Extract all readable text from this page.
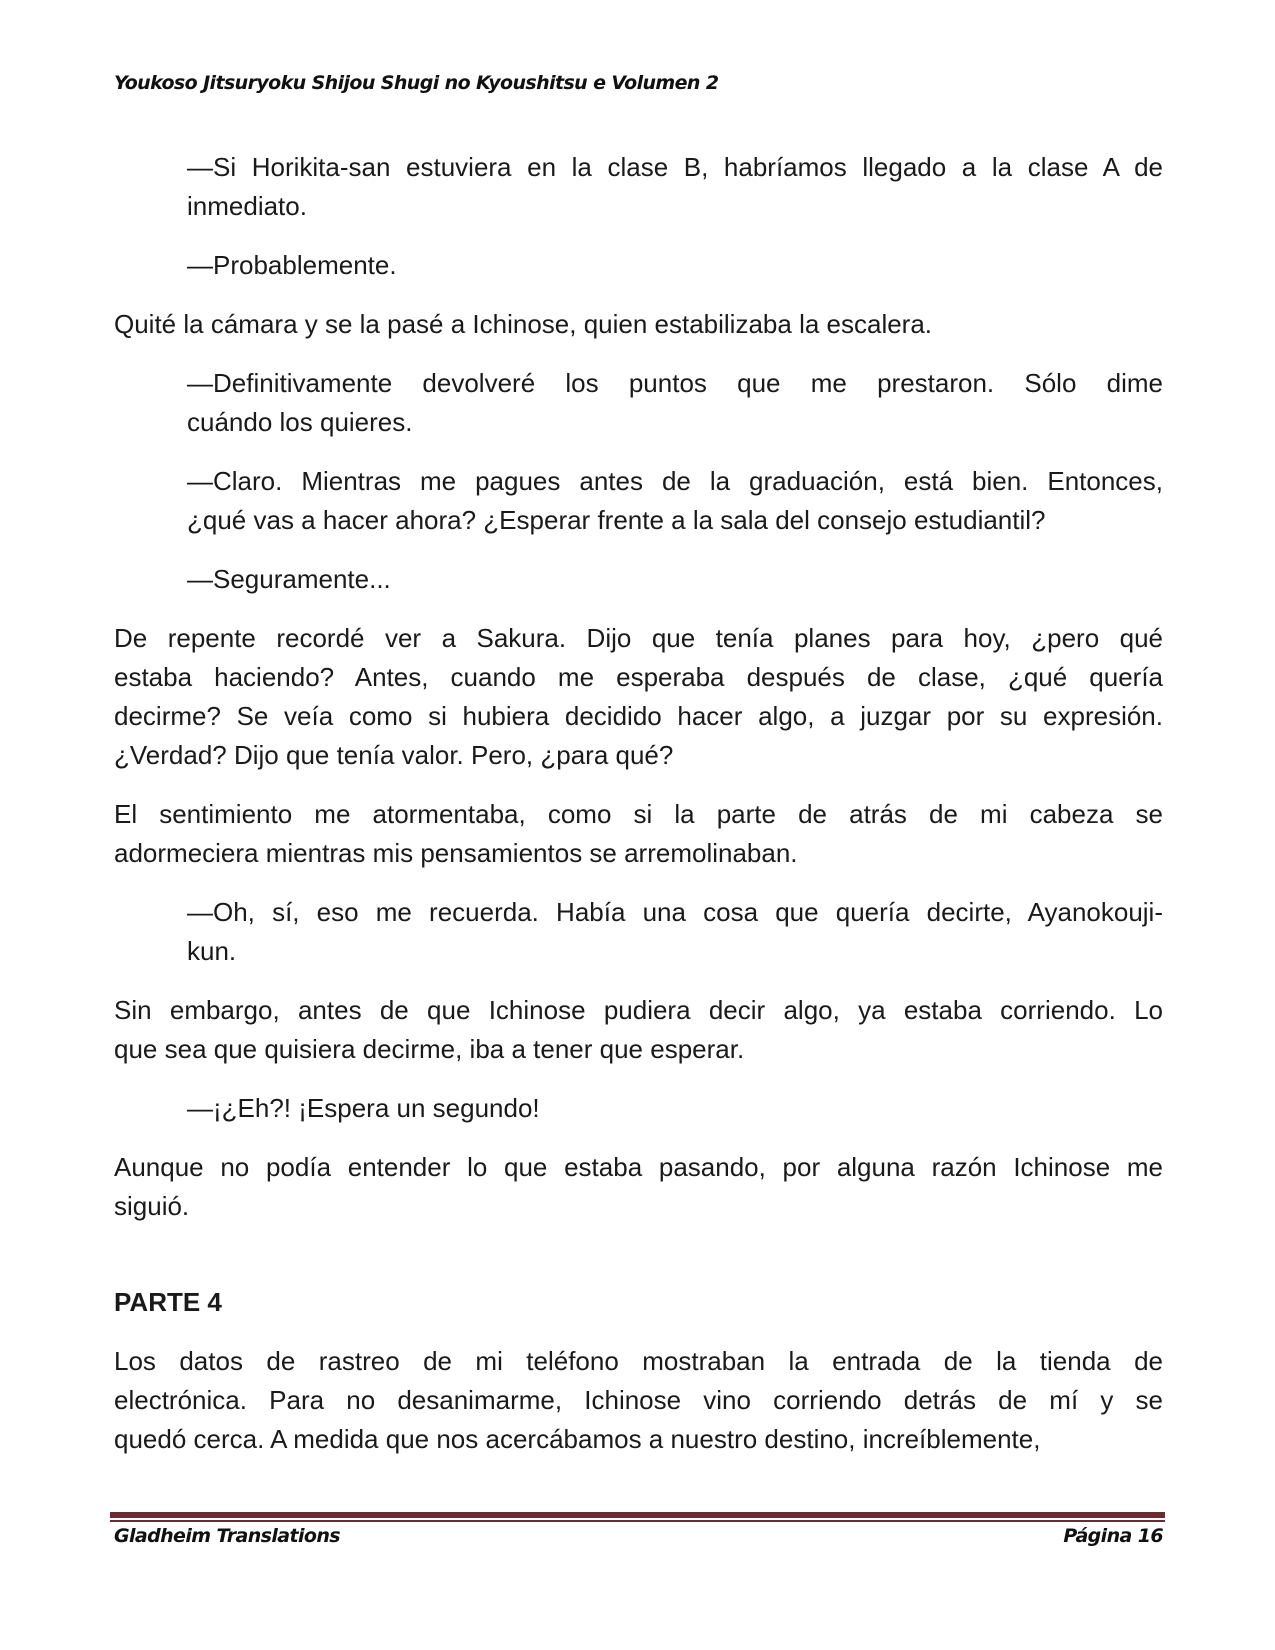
Youkoso Jitsuryoku Shijou Shugi no Kyoushitsu e Volumen 2
—Si Horikita-san estuviera en la clase B, habríamos llegado a la clase A de
inmediato.
—Probablemente.
Quité la cámara y se la pasé a Ichinose, quien estabilizaba la escalera.
—Definitivamente devolveré los puntos que me prestaron. Sólo dime
cuándo los quieres.
—Claro. Mientras me pagues antes de la graduación, está bien. Entonces,
¿qué vas a hacer ahora? ¿Esperar frente a la sala del consejo estudiantil?
—Seguramente...
De repente recordé ver a Sakura. Dijo que tenía planes para hoy, ¿pero qué
estaba haciendo? Antes, cuando me esperaba después de clase, ¿qué quería
decirme? Se veía como si hubiera decidido hacer algo, a juzgar por su expresión.
¿Verdad? Dijo que tenía valor. Pero, ¿para qué?
El sentimiento me atormentaba, como si la parte de atrás de mi cabeza se
adormeciera mientras mis pensamientos se arremolinaban.
—Oh, sí, eso me recuerda. Había una cosa que quería decirte, Ayanokouji-
kun.
Sin embargo, antes de que Ichinose pudiera decir algo, ya estaba corriendo. Lo
que sea que quisiera decirme, iba a tener que esperar.
—¡¿Eh?! ¡Espera un segundo!
Aunque no podía entender lo que estaba pasando, por alguna razón Ichinose me
siguió.
PARTE 4
Los datos de rastreo de mi teléfono mostraban la entrada de la tienda de
electrónica. Para no desanimarme, Ichinose vino corriendo detrás de mí y se
quedó cerca. A medida que nos acercábamos a nuestro destino, increíblemente,
Gladheim Translations	Página 16
